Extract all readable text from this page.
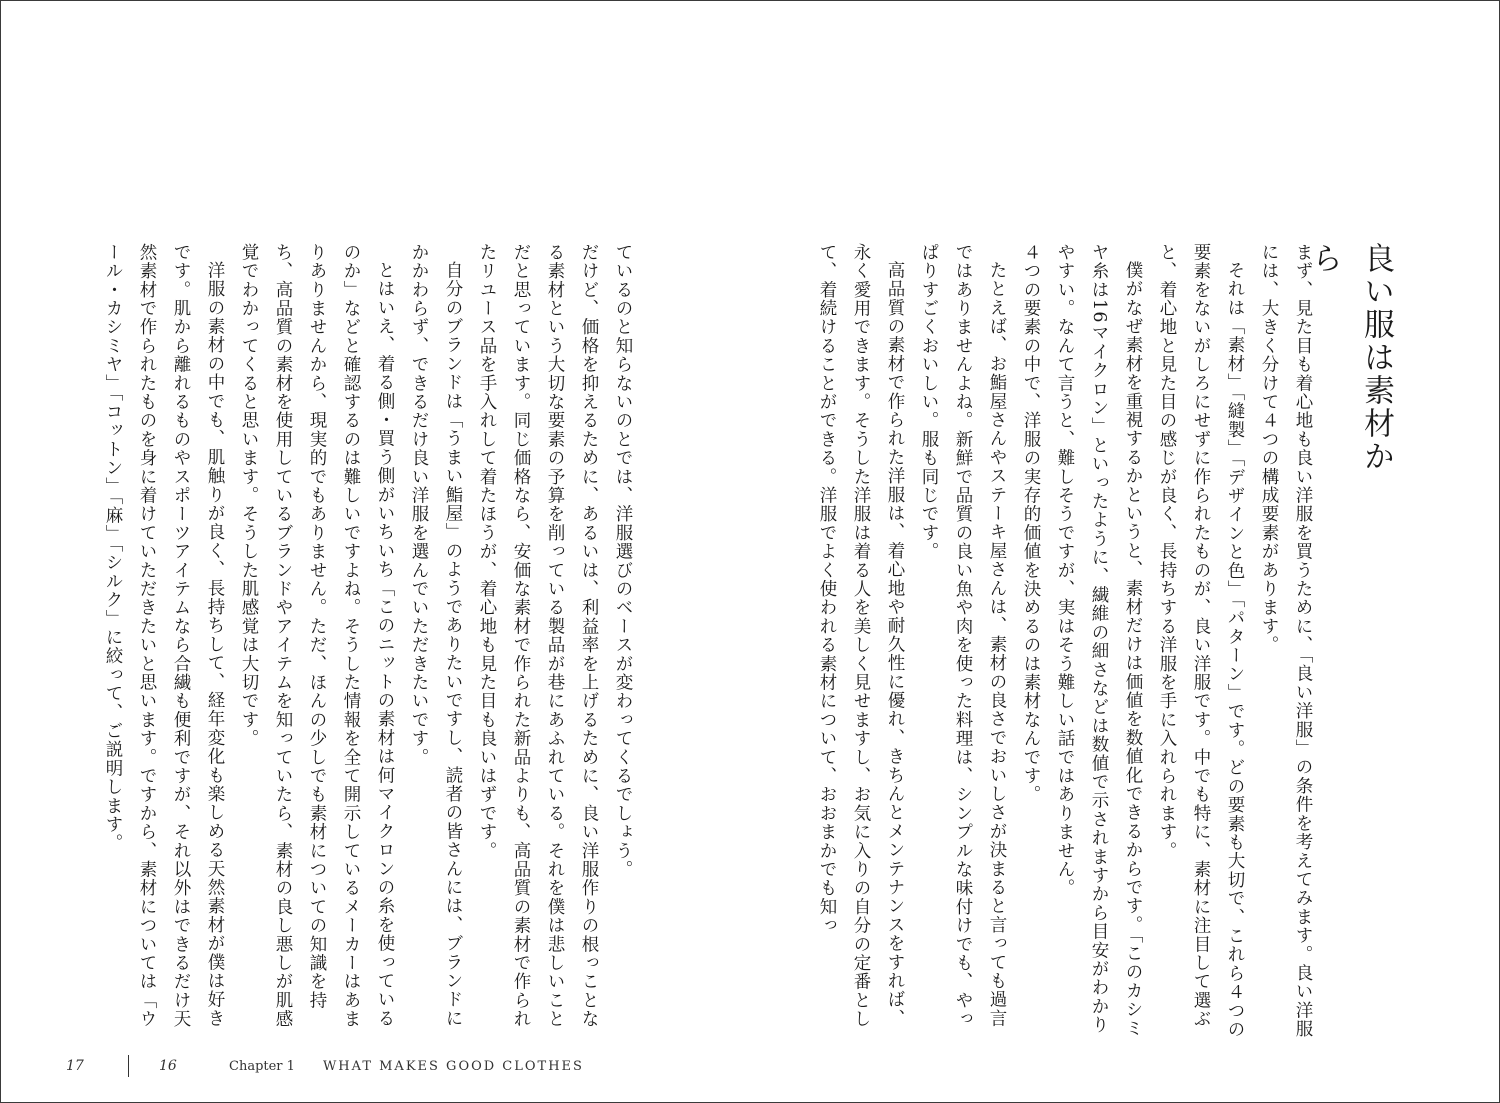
良い服は素材から

まず、見た目も着心地も良い洋服を買うために、「良い洋服」の条件を考えてみます。良い洋服には、大きく分けて４つの構成要素があります。

それは「素材」「縫製」「デザインと色」「パターン」です。どの要素も大切で、これら４つの要素をないがしろにせずに作られたものが、良い洋服です。中でも特に、素材に注目して選ぶと、着心地と見た目の感じが良く、長持ちする洋服を手に入れられます。

僕がなぜ素材を重視するかというと、素材だけは価値を数値化できるからです。「このカシミヤ糸は16マイクロン」といったように、繊維の細さなどは数値で示されますから目安がわかりやすい。なんて言うと、難しそうですが、実はそう難しい話ではありません。

４つの要素の中で、洋服の実存的価値を決めるのは素材なんです。

たとえば、お鮨屋さんやステーキ屋さんは、素材の良さでおいしさが決まると言っても過言ではありませんよね。新鮮で品質の良い魚や肉を使った料理は、シンプルな味付けでも、やっぱりすごくおいしい。服も同じです。

高品質の素材で作られた洋服は、着心地や耐久性に優れ、きちんとメンテナンスをすれば、永く愛用できます。そうした洋服は着る人を美しく見せますし、お気に入りの自分の定番として、着続けることができる。洋服でよく使われる素材について、おおまかでも知っ

ているのと知らないのとでは、洋服選びのベースが変わってくるでしょう。

だけど、価格を抑えるために、あるいは、利益率を上げるために、良い洋服作りの根っことなる素材という大切な要素の予算を削っている製品が巷にあふれている。それを僕は悲しいことだと思っています。同じ価格なら、安価な素材で作られた新品よりも、高品質の素材で作られたリユース品を手入れして着たほうが、着心地も見た目も良いはずです。

自分のブランドは「うまい鮨屋」のようでありたいですし、読者の皆さんには、ブランドにかかわらず、できるだけ良い洋服を選んでいただきたいです。

とはいえ、着る側・買う側がいちいち「このニットの素材は何マイクロンの糸を使っているのか」などと確認するのは難しいですよね。そうした情報を全て開示しているメーカーはあまりありませんから、現実的でもありません。ただ、ほんの少しでも素材についての知識を持ち、高品質の素材を使用しているブランドやアイテムを知っていたら、素材の良し悪しが肌感覚でわかってくると思います。そうした肌感覚は大切です。

洋服の素材の中でも、肌触りが良く、長持ちして、経年変化も楽しめる天然素材が僕は好きです。肌から離れるものやスポーツアイテムなら合繊も便利ですが、それ以外はできるだけ天然素材で作られたものを身に着けていただきたいと思います。ですから、素材については「ウール・カシミヤ」「コットン」「麻」「シルク」に絞って、ご説明します。

17	16	Chapter 1 WHAT MAKES GOOD CLOTHES
